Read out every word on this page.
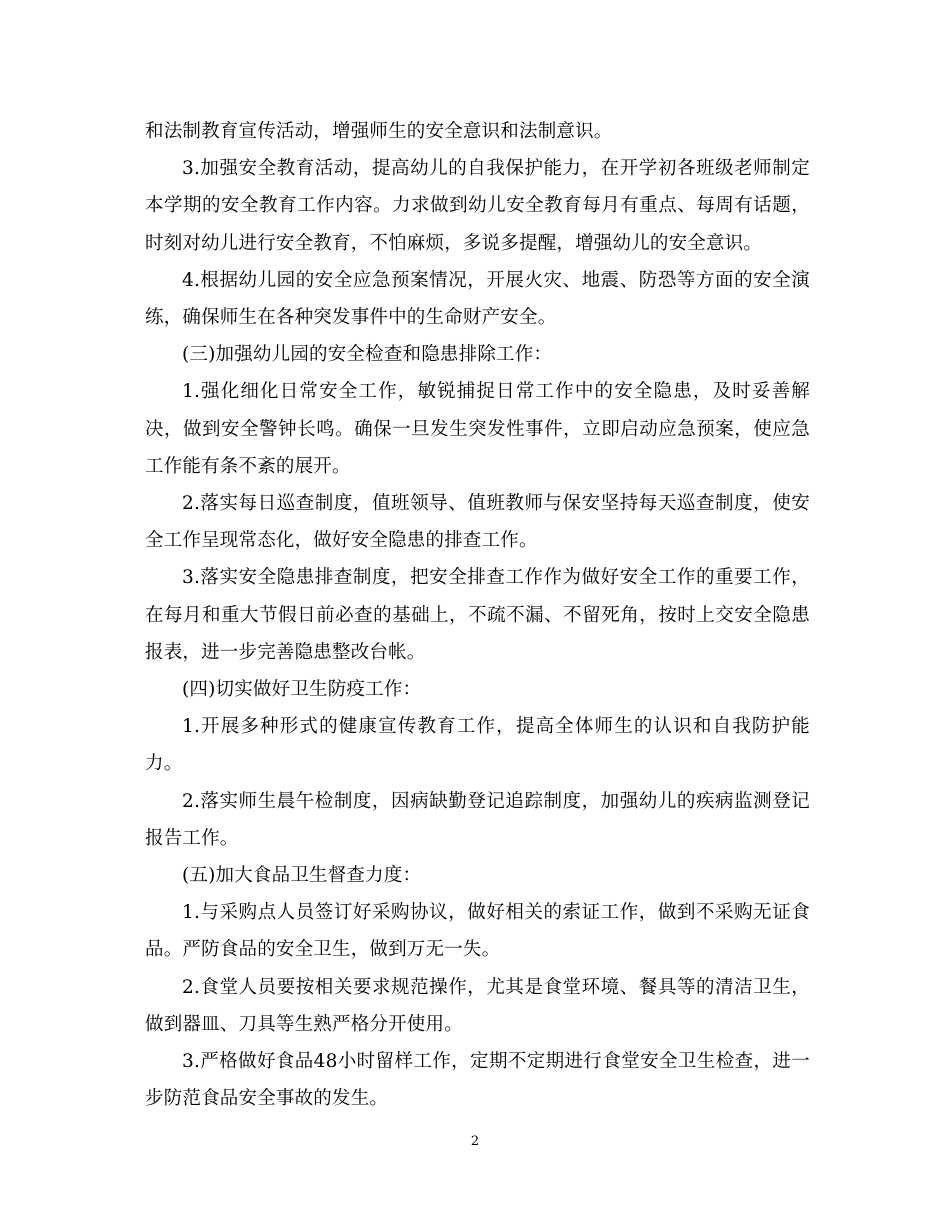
和法制教育宣传活动，增强师生的安全意识和法制意识。

3.加强安全教育活动，提高幼儿的自我保护能力，在开学初各班级老师制定本学期的安全教育工作内容。力求做到幼儿安全教育每月有重点、每周有话题，时刻对幼儿进行安全教育，不怕麻烦，多说多提醒，增强幼儿的安全意识。

4.根据幼儿园的安全应急预案情况，开展火灾、地震、防恐等方面的安全演练，确保师生在各种突发事件中的生命财产安全。

(三)加强幼儿园的安全检查和隐患排除工作：

1.强化细化日常安全工作，敏锐捕捉日常工作中的安全隐患，及时妥善解决，做到安全警钟长鸣。确保一旦发生突发性事件，立即启动应急预案，使应急工作能有条不紊的展开。

2.落实每日巡查制度，值班领导、值班教师与保安坚持每天巡查制度，使安全工作呈现常态化，做好安全隐患的排查工作。

3.落实安全隐患排查制度，把安全排查工作作为做好安全工作的重要工作，在每月和重大节假日前必查的基础上，不疏不漏、不留死角，按时上交安全隐患报表，进一步完善隐患整改台帐。

(四)切实做好卫生防疫工作：

1.开展多种形式的健康宣传教育工作，提高全体师生的认识和自我防护能力。

2.落实师生晨午检制度，因病缺勤登记追踪制度，加强幼儿的疾病监测登记报告工作。

(五)加大食品卫生督查力度：

1.与采购点人员签订好采购协议，做好相关的索证工作，做到不采购无证食品。严防食品的安全卫生，做到万无一失。

2.食堂人员要按相关要求规范操作，尤其是食堂环境、餐具等的清洁卫生，做到器皿、刀具等生熟严格分开使用。

3.严格做好食品48小时留样工作，定期不定期进行食堂安全卫生检查，进一步防范食品安全事故的发生。

2
